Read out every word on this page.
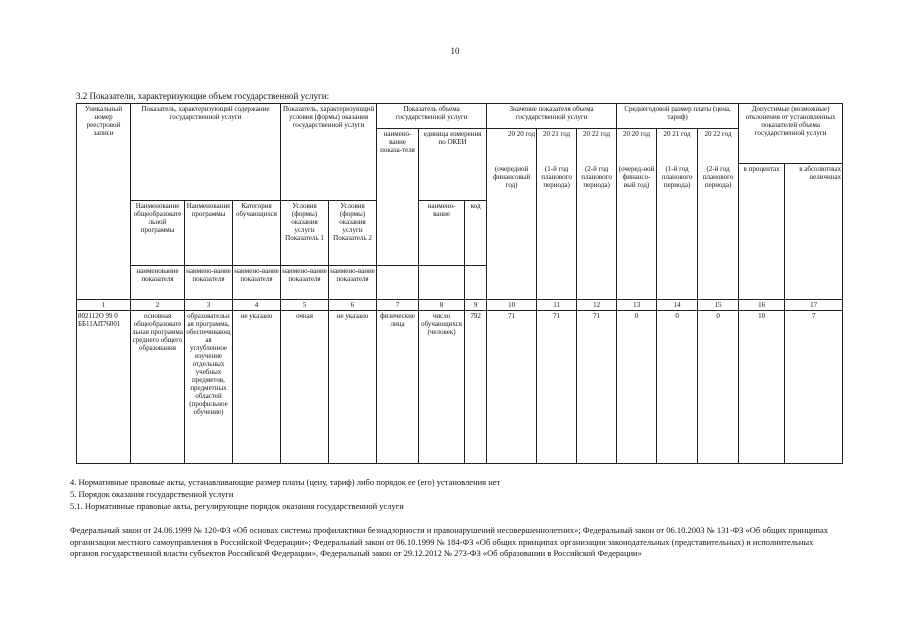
10
3.2 Показатели, характеризующие объем государственной услуги:
Уникальный номер реестровой записи	Показатель, характеризующий содержание государственной услуги			Показатель, характеризующий условия (формы) оказания государственной услуги		Показатель объема государственной услуги			Значение показателя объема государственной услуги			Среднегодовой размер платы (цена, тариф)			Допустимые (возможные) отклонения от установленных показателей объема государственной услуги	
						наимено-вание показа-теля	единица измерения по ОКЕИ		20 20 год	20 21 год	20 22 год	20 20 год	20 21 год	20 22 год		
									(очередной финансовый год)	(1-й год планового периода)	(2-й год планового периода)	(очеред-ной финансо-вый год)	(1-й год планового периода)	(2-й год планового периода)	в процентах	в абсолютных величинах
	Наименование общеобразовательной программы	Наименование программы	Категория обучающихся	Условия (формы) оказания услуги Показатель 1	Условия (формы) оказания услуги Показатель 2		наимено-вание	код								
	наименование показателя	наимено-вание показателя	наимено-вание показателя	наимено-вание показателя	наимено-вание показателя											
1	2	3	4	5	6	7	8	9	10	11	12	13	14	15	16	17
802112О 99 0 ББ11АП76001	основная общеобразовательная программа среднего общего образования	образовательная программа, обеспечивающая углубленное изучение отдельных учебных предметов, предметных областей (профильное обучение)	не указано	очная	не указано	физические лица	число обучающихся (человек)	792	71	71	71	0	0	0	10	7
4. Нормативные правовые акты, устанавливающие размер платы (цену, тариф) либо порядок ее (его) установления нет
5. Порядок оказания государственной услуги
5.1. Нормативные правовые акты, регулирующие порядок оказания государственной услуги
Федеральный закон от 24.06.1999 № 120-ФЗ «Об основах системы профилактики безнадзорности и правонарушений несовершеннолетних»; Федеральный закон от 06.10.2003 № 131-ФЗ «Об общих принципах организации местного самоуправления в Российской Федерации»; Федеральный закон от 06.10.1999 № 184-ФЗ «Об общих принципах организации законодательных (представительных) и исполнительных органов государственной власти субъектов Российской Федерации», Федеральный закон от 29.12.2012 № 273-ФЗ «Об образовании в Российской Федерации»
